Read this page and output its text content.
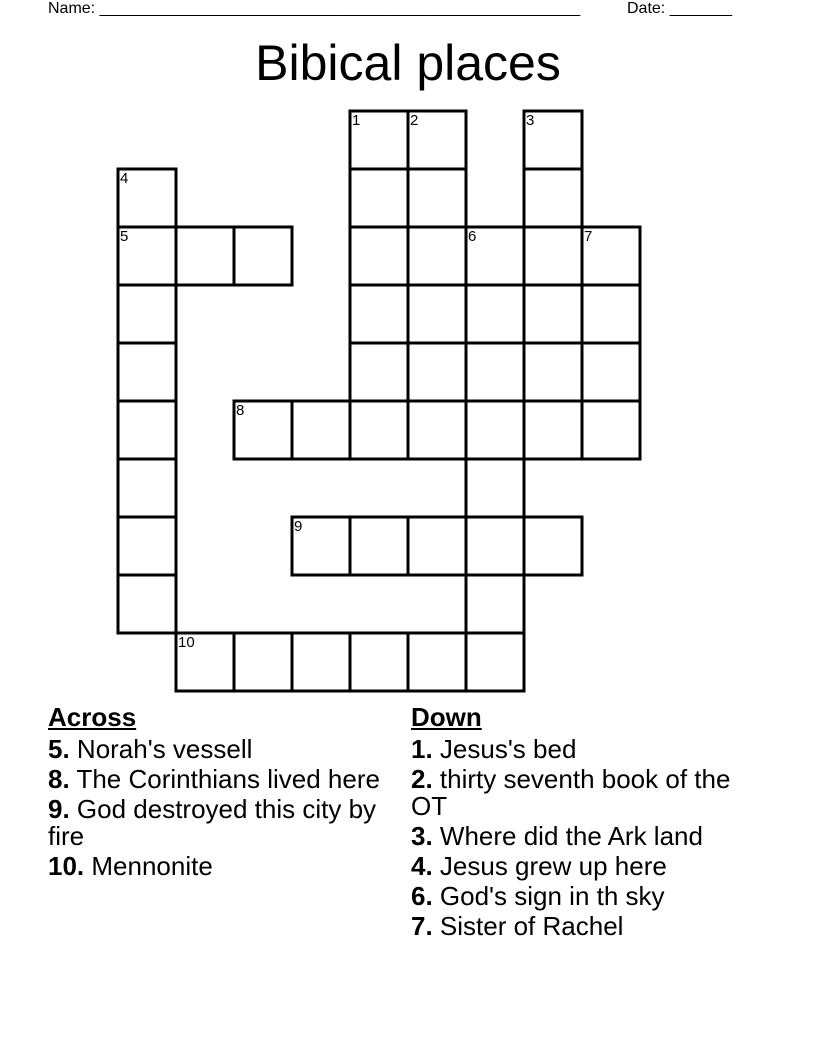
Name: ______________________________________________________	Date: _______
Bibical places
1	2	3
4
5	6	7
8
9
10
Across
5. Norah's vessell
8. The Corinthians lived here
9. God destroyed this city by fire
10. Mennonite
Down
1. Jesus's bed
2. thirty seventh book of the OT
3. Where did the Ark land
4. Jesus grew up here
6. God's sign in th sky
7. Sister of Rachel
